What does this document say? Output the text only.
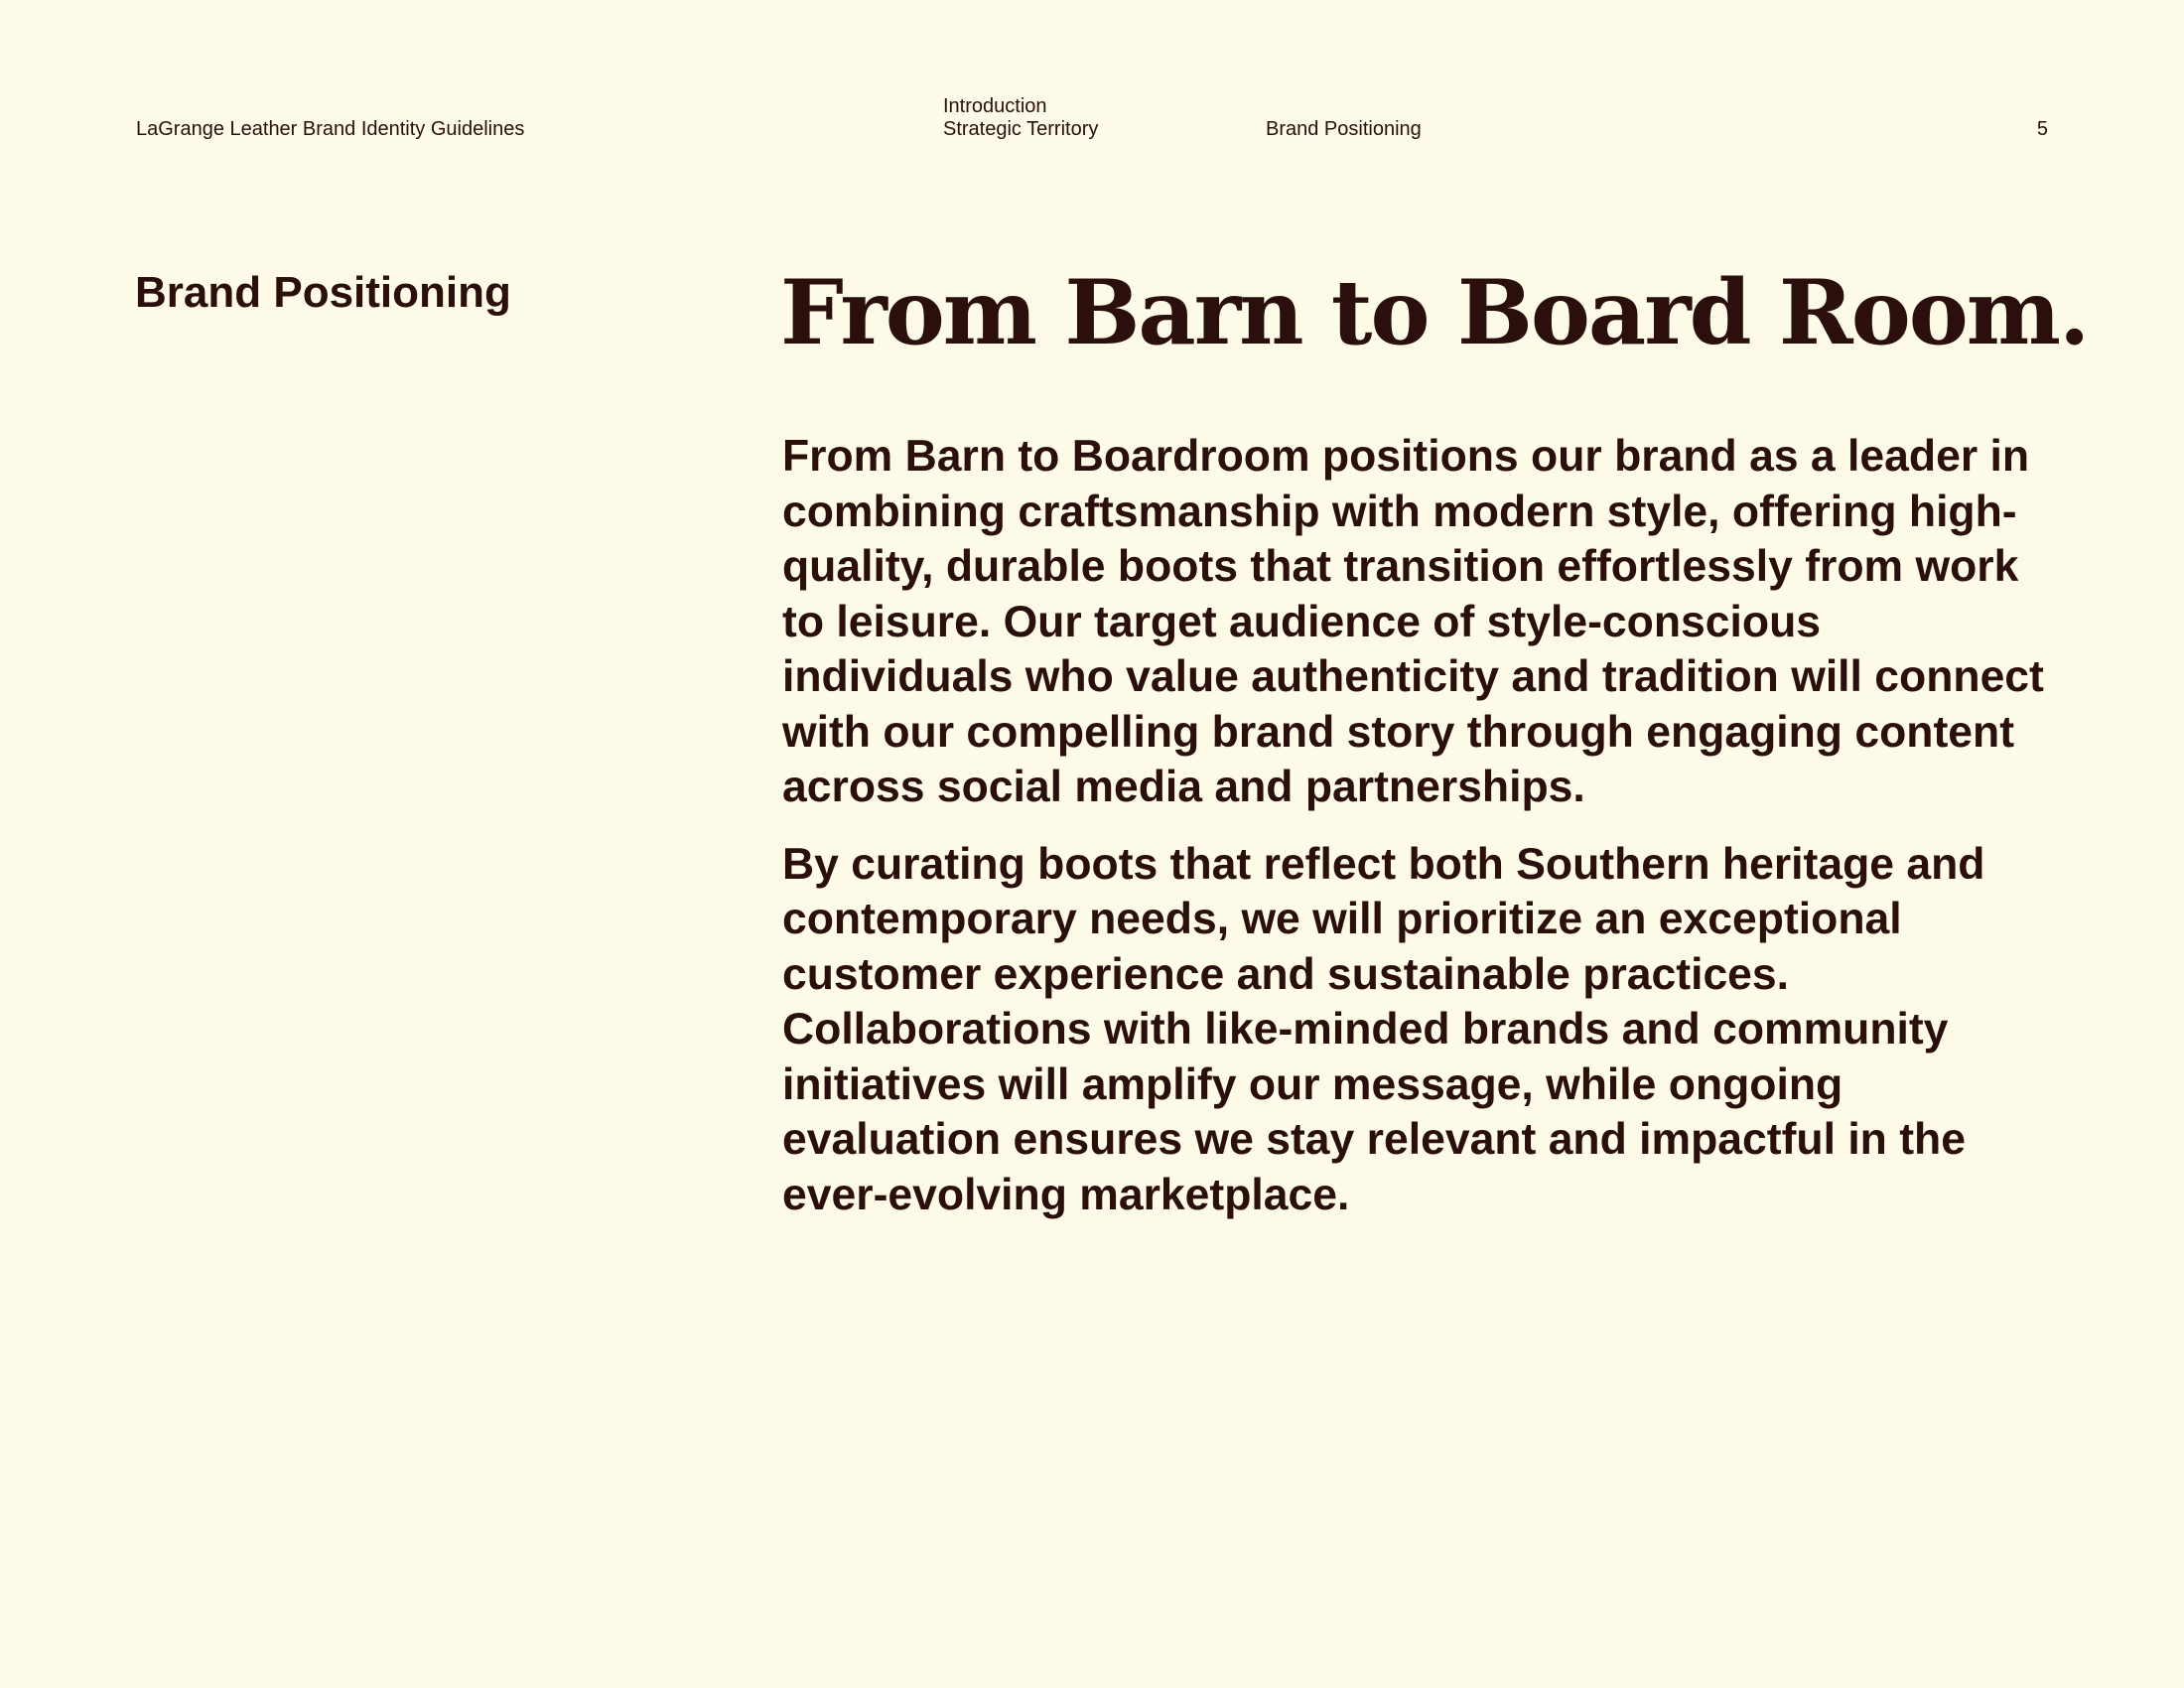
LaGrange Leather Brand Identity Guidelines
Introduction
Strategic Territory	Brand Positioning	5
Brand Positioning	From Barn to Board Room.

From Barn to Boardroom positions our brand as a leader in combining craftsmanship with modern style, offering high-quality, durable boots that transition effortlessly from work to leisure. Our target audience of style-conscious individuals who value authenticity and tradition will connect with our compelling brand story through engaging content across social media and partnerships.

By curating boots that reflect both Southern heritage and contemporary needs, we will prioritize an exceptional customer experience and sustainable practices. Collaborations with like-minded brands and community initiatives will amplify our message, while ongoing evaluation ensures we stay relevant and impactful in the ever-evolving marketplace.
